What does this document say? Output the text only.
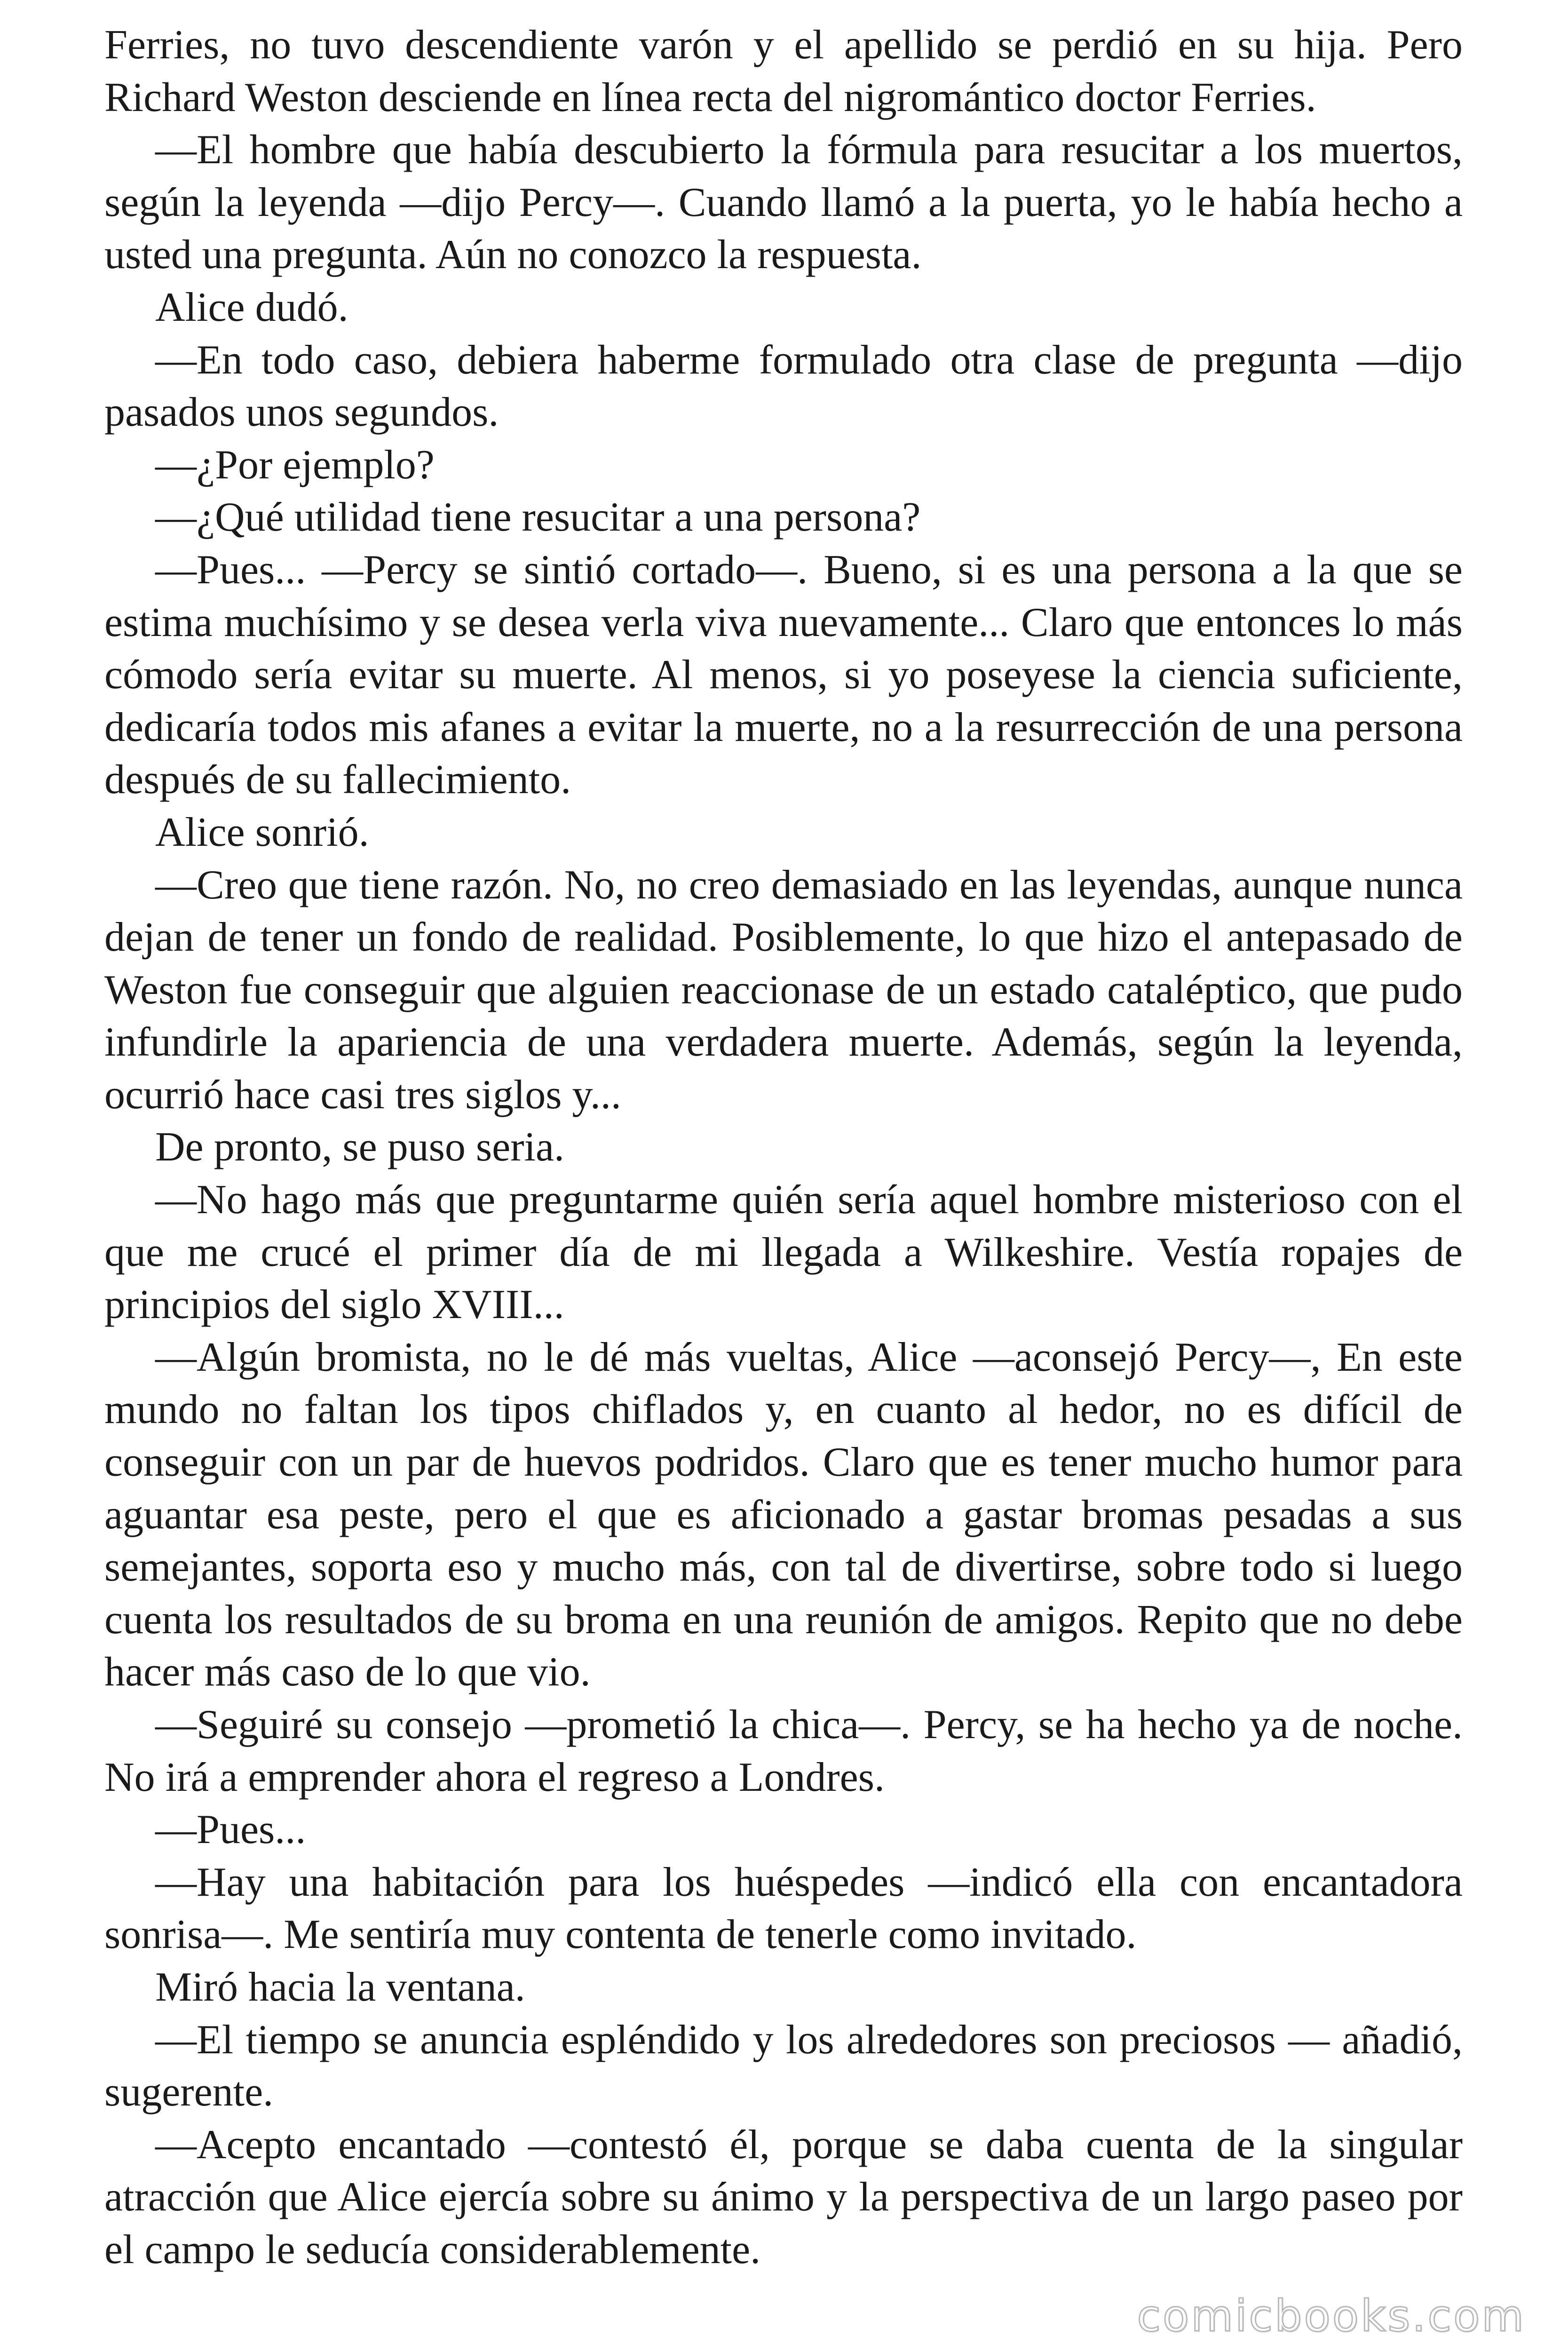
Ferries, no tuvo descendiente varón y el apellido se perdió en su hija. Pero Richard Weston desciende en línea recta del nigromántico doctor Ferries.

—El hombre que había descubierto la fórmula para resucitar a los muertos, según la leyenda —dijo Percy—. Cuando llamó a la puerta, yo le había hecho a usted una pregunta. Aún no conozco la respuesta.

Alice dudó.

—En todo caso, debiera haberme formulado otra clase de pregunta —dijo pasados unos segundos.

—¿Por ejemplo?

—¿Qué utilidad tiene resucitar a una persona?

—Pues... —Percy se sintió cortado—. Bueno, si es una persona a la que se estima muchísimo y se desea verla viva nuevamente... Claro que entonces lo más cómodo sería evitar su muerte. Al menos, si yo poseyese la ciencia suficiente, dedicaría todos mis afanes a evitar la muerte, no a la resurrección de una persona después de su fallecimiento.

Alice sonrió.

—Creo que tiene razón. No, no creo demasiado en las leyendas, aunque nunca dejan de tener un fondo de realidad. Posiblemente, lo que hizo el antepasado de Weston fue conseguir que alguien reaccionase de un estado cataléptico, que pudo infundirle la apariencia de una verdadera muerte. Además, según la leyenda, ocurrió hace casi tres siglos y...

De pronto, se puso seria.

—No hago más que preguntarme quién sería aquel hombre misterioso con el que me crucé el primer día de mi llegada a Wilkeshire. Vestía ropajes de principios del siglo XVIII...

—Algún bromista, no le dé más vueltas, Alice —aconsejó Percy—, En este mundo no faltan los tipos chiflados y, en cuanto al hedor, no es difícil de conseguir con un par de huevos podridos. Claro que es tener mucho humor para aguantar esa peste, pero el que es aficionado a gastar bromas pesadas a sus semejantes, soporta eso y mucho más, con tal de divertirse, sobre todo si luego cuenta los resultados de su broma en una reunión de amigos. Repito que no debe hacer más caso de lo que vio.

—Seguiré su consejo —prometió la chica—. Percy, se ha hecho ya de noche. No irá a emprender ahora el regreso a Londres.

—Pues...

—Hay una habitación para los huéspedes —indicó ella con encantadora sonrisa—. Me sentiría muy contenta de tenerle como invitado.

Miró hacia la ventana.

—El tiempo se anuncia espléndido y los alrededores son preciosos — añadió, sugerente.

—Acepto encantado —contestó él, porque se daba cuenta de la singular atracción que Alice ejercía sobre su ánimo y la perspectiva de un largo paseo por el campo le seducía considerablemente.

comicbooks.com
